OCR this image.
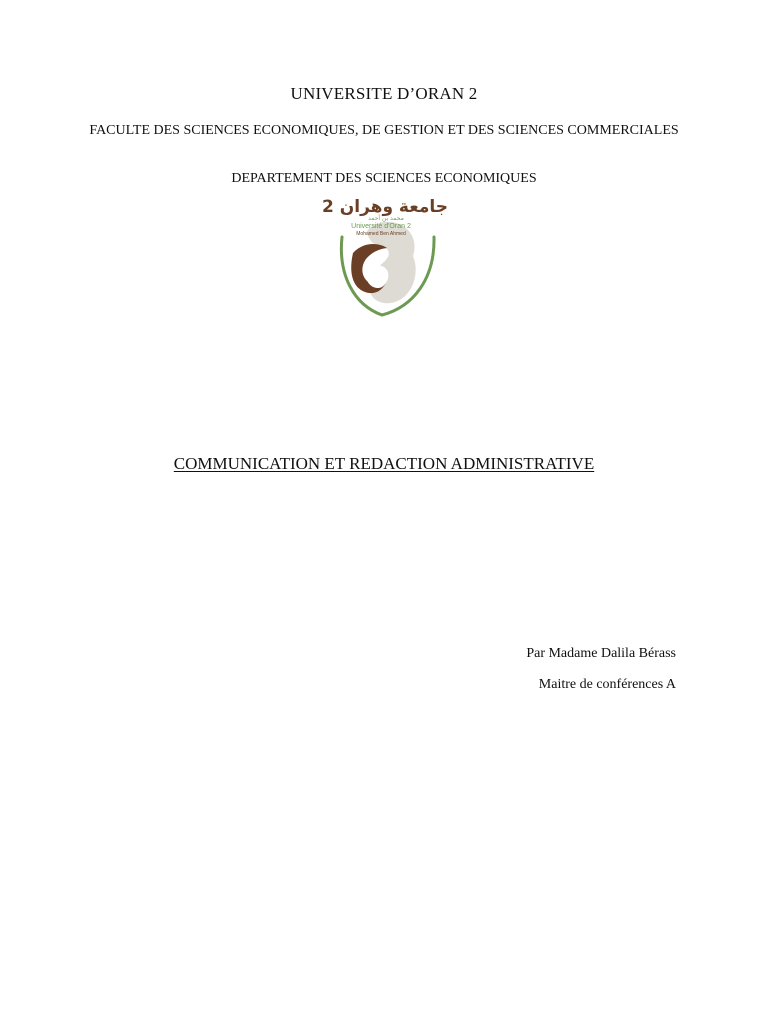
UNIVERSITE D’ORAN 2
FACULTE DES SCIENCES ECONOMIQUES, DE GESTION ET DES SCIENCES COMMERCIALES
DEPARTEMENT DES SCIENCES ECONOMIQUES
جامعة وهران 2
محمد بن أحمد
Université d'Oran 2
Mohamed Ben Ahmed
COMMUNICATION ET REDACTION ADMINISTRATIVE
Par Madame Dalila Bérass
Maitre de conférences A
